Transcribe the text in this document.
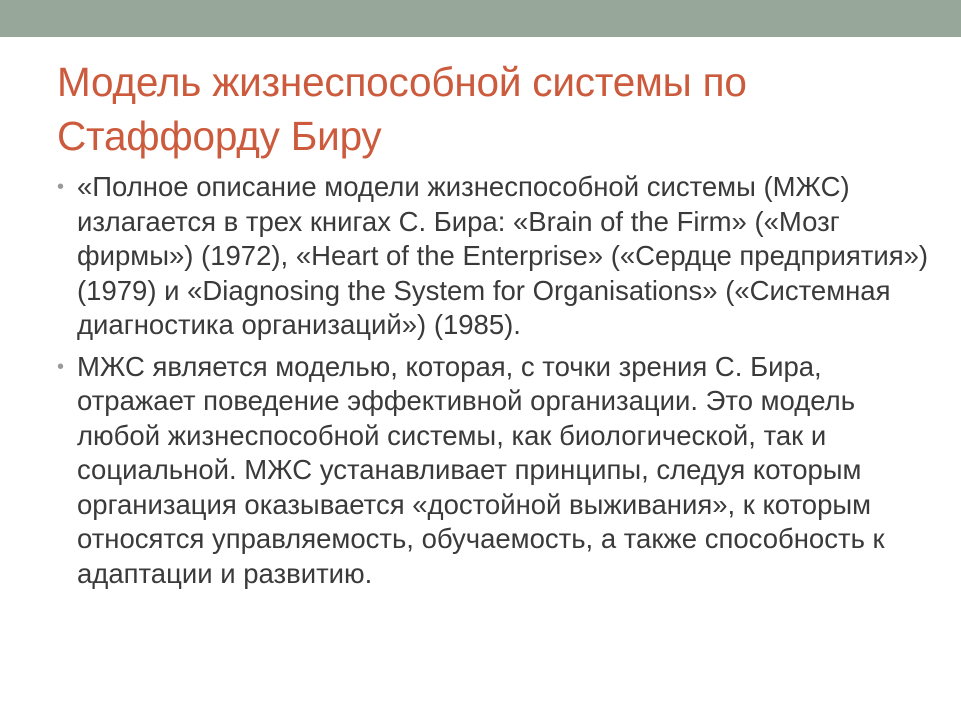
Модель жизнеспособной системы по Стаффорду Биру
• «Полное описание модели жизнеспособной системы (МЖС) излагается в трех книгах С. Бира: «Brain of the Firm» («Мозг фирмы») (1972), «Heart of the Enterprise» («Сердце предприятия») (1979) и «Diagnosing the System for Organisations» («Системная диагностика организаций») (1985).

• МЖС является моделью, которая, с точки зрения С. Бира, отражает поведение эффективной организации. Это модель любой жизнеспособной системы, как биологической, так и социальной. МЖС устанавливает принципы, следуя которым организация оказывается «достойной выживания», к которым относятся управляемость, обучаемость, а также способность к адаптации и развитию.
